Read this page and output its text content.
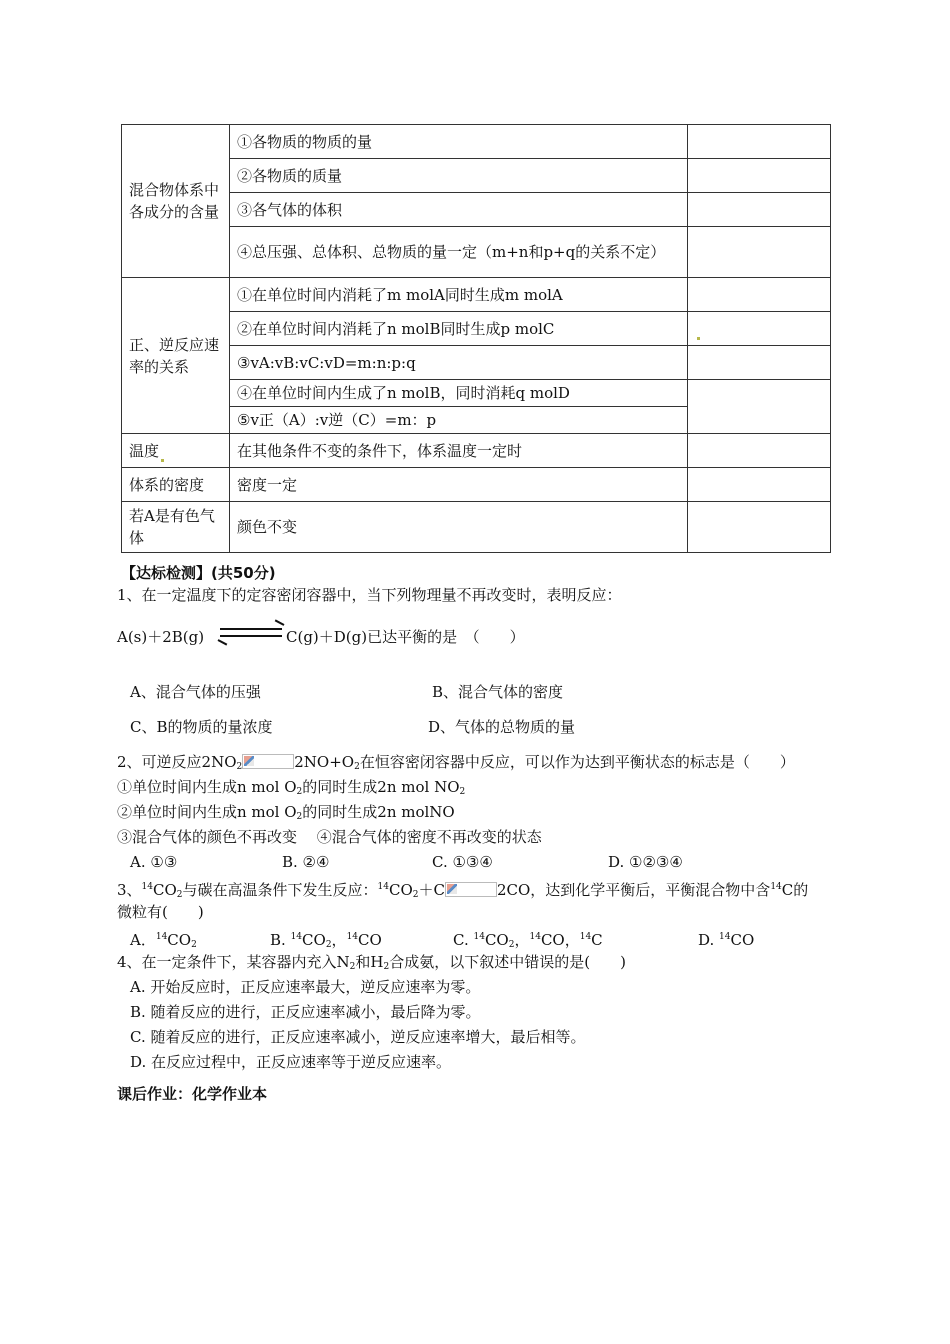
混合物体系中各成分的含量	①各物质的物质的量	
	②各物质的质量	
	③各气体的体积	
	④总压强、总体积、总物质的量一定（m+n和p+q的关系不定）	
正、逆反应速率的关系	①在单位时间内消耗了m molA同时生成m molA	
	②在单位时间内消耗了n molB同时生成p molC	
	③vA:vB:vC:vD=m:n:p:q	
	④在单位时间内生成了n molB，同时消耗q molD	
	⑤v正（A）:v逆（C）=m：p	
温度	在其他条件不变的条件下，体系温度一定时	
体系的密度	密度一定	
若A是有色气体	颜色不变	
【达标检测】(共50分)
1、在一定温度下的定容密闭容器中，当下列物理量不再改变时，表明反应：
A(s)＋2B(g) ⇌ C(g)＋D(g)已达平衡的是　（　　）
A、混合气体的压强	B、混合气体的密度
C、B的物质的量浓度	D、气体的总物质的量
2、可逆反应$2NO_2$	$2NO+O_2$在恒容密闭容器中反应，可以作为达到平衡状态的标志是（　　）
①单位时间内生成n mol $O_2$的同时生成2n mol $NO_2$
②单位时间内生成n mol $O_2$的同时生成2n molNO
③混合气体的颜色不再改变　 ④混合气体的密度不再改变的状态
A. ①③	B. ②④	C. ①③④	D. ①②③④
3、$^{14}CO_2$与碳在高温条件下发生反应：$^{14}CO_2+C$	2CO，达到化学平衡后，平衡混合物中含$^{14}$C的
微粒有(　　)
A．$^{14}CO_2$	B. $^{14}CO_2$，$^{14}$CO	C. $^{14}CO_2$，$^{14}$CO，$^{14}$C	D. $^{14}$CO
4、在一定条件下，某容器内充入$N_2$和$H_2$合成氨，以下叙述中错误的是(　　)
A. 开始反应时，正反应速率最大，逆反应速率为零。
B. 随着反应的进行，正反应速率减小，最后降为零。
C. 随着反应的进行，正反应速率减小，逆反应速率增大，最后相等。
D. 在反应过程中，正反应速率等于逆反应速率。
课后作业：化学作业本
